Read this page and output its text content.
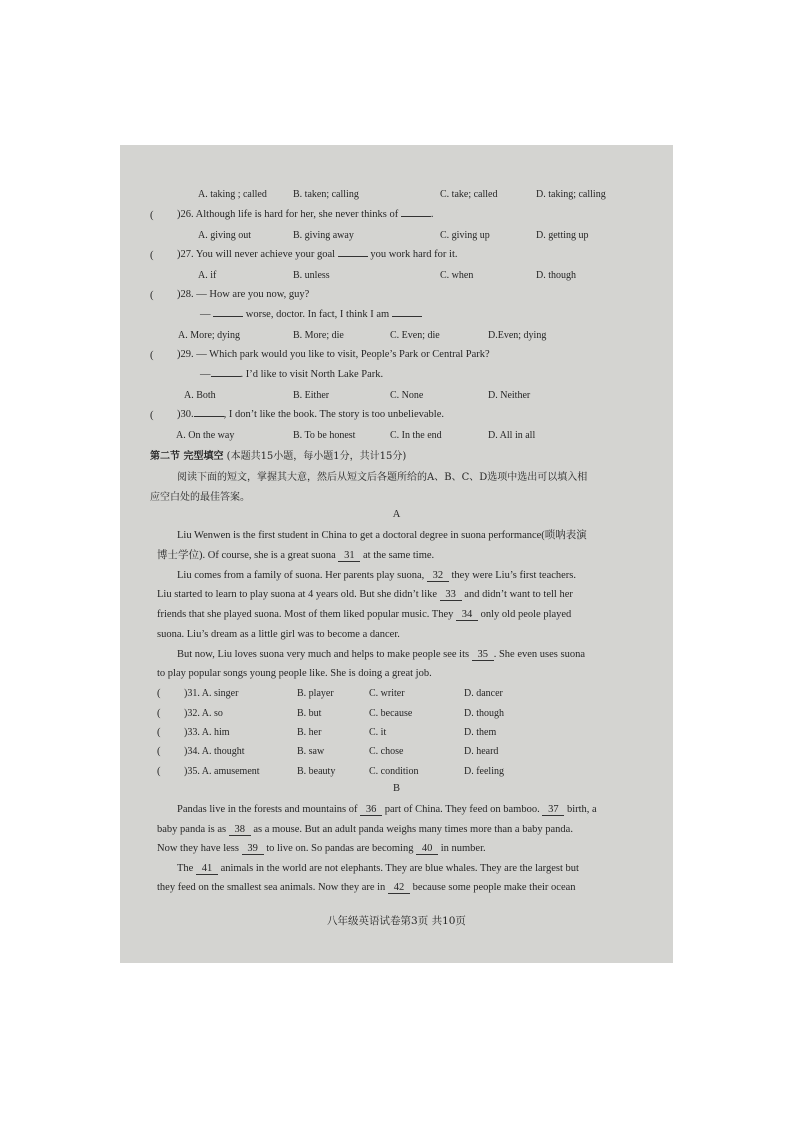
A. taking ; called	B. taken; calling	C. take; called	D. taking; calling
( )26. Although life is hard for her, she never thinks of	.
A. giving out	B. giving away	C. giving up	D. getting up
( )27. You will never achieve your goal	you work hard for it.
A. if	B. unless	C. when	D. though
( )28. — How are you now, guy?
—	worse, doctor. In fact, I think I am
A. More; dying	B. More; die	C. Even; die	D.Even; dying
( )29. — Which park would you like to visit, People’s Park or Central Park?
—	. I’d like to visit North Lake Park.
A. Both	B. Either	C. None	D. Neither
( )30.	, I don’t like the book. The story is too unbelievable.
A. On the way	B. To be honest	C. In the end	D. All in all
第二节 完型填空 (本题共15小题，每小题1分，共计15分)
阅读下面的短文，掌握其大意，然后从短文后各题所给的A、B、C、D选项中选出可以填入相
应空白处的最佳答案。
A
Liu Wenwen is the first student in China to get a doctoral degree in suona performance(唢呐表演
博士学位). Of course, she is a great suona 31 at the same time.
Liu comes from a family of suona. Her parents play suona, 32 they were Liu’s first teachers.
Liu started to learn to play suona at 4 years old. But she didn’t like 33 and didn’t want to tell her
friends that she played suona. Most of them liked popular music. They 34 only old peole played
suona. Liu’s dream as a little girl was to become a dancer.
But now, Liu loves suona very much and helps to make people see its 35 . She even uses suona
to play popular songs young people like. She is doing a great job.
( )31. A. singer	B. player	C. writer	D. dancer
( )32. A. so	B. but	C. because	D. though
( )33. A. him	B. her	C. it	D. them
( )34. A. thought	B. saw	C. chose	D. heard
( )35. A. amusement	B. beauty	C. condition	D. feeling
B
Pandas live in the forests and mountains of 36 part of China. They feed on bamboo. 37 birth, a
baby panda is as 38 as a mouse. But an adult panda weighs many times more than a baby panda.
Now they have less 39 to live on. So pandas are becoming 40 in number.
The 41 animals in the world are not elephants. They are blue whales. They are the largest but
they feed on the smallest sea animals. Now they are in 42 because some people make their ocean
八年级英语试卷第3页 共10页
